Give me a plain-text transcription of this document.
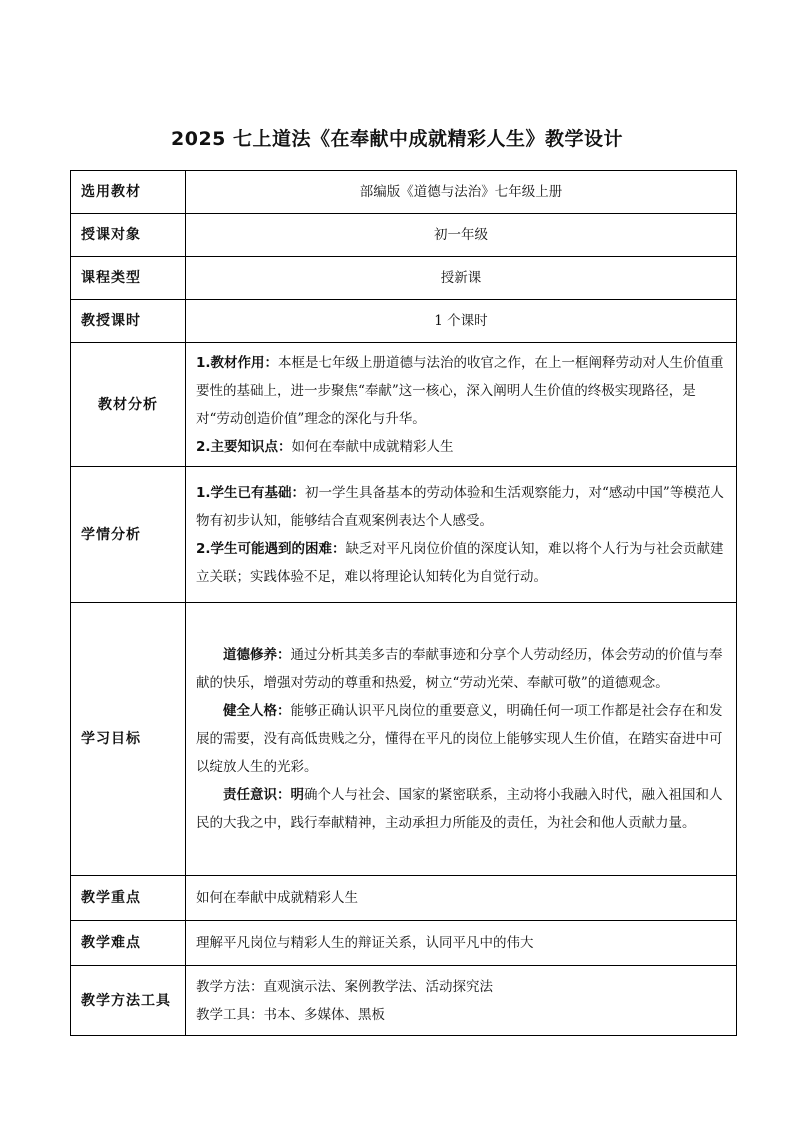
2025 七上道法《在奉献中成就精彩人生》教学设计
选用教材	部编版《道德与法治》七年级上册
授课对象	初一年级
课程类型	授新课
教授课时	1 个课时
教材分析	1.教材作用：本框是七年级上册道德与法治的收官之作，在上一框阐释劳动对人生价值重要性的基础上，进一步聚焦“奉献”这一核心，深入阐明人生价值的终极实现路径，是对“劳动创造价值”理念的深化与升华。

2.主要知识点：如何在奉献中成就精彩人生

学情分析	1.学生已有基础：初一学生具备基本的劳动体验和生活观察能力，对“感动中国”等模范人物有初步认知，能够结合直观案例表达个人感受。

2.学生可能遇到的困难：缺乏对平凡岗位价值的深度认知，难以将个人行为与社会贡献建立关联；实践体验不足，难以将理论认知转化为自觉行动。

学习目标	道德修养：通过分析其美多吉的奉献事迹和分享个人劳动经历，体会劳动的价值与奉献的快乐，增强对劳动的尊重和热爱，树立“劳动光荣、奉献可敬”的道德观念。

健全人格：能够正确认识平凡岗位的重要意义，明确任何一项工作都是社会存在和发展的需要，没有高低贵贱之分，懂得在平凡的岗位上能够实现人生价值，在踏实奋进中可以绽放人生的光彩。

责任意识：明确个人与社会、国家的紧密联系，主动将小我融入时代，融入祖国和人民的大我之中，践行奉献精神，主动承担力所能及的责任，为社会和他人贡献力量。

教学重点	如何在奉献中成就精彩人生
教学难点	理解平凡岗位与精彩人生的辩证关系，认同平凡中的伟大
教学方法工具	教学方法：直观演示法、案例教学法、活动探究法
教学工具：书本、多媒体、黑板
